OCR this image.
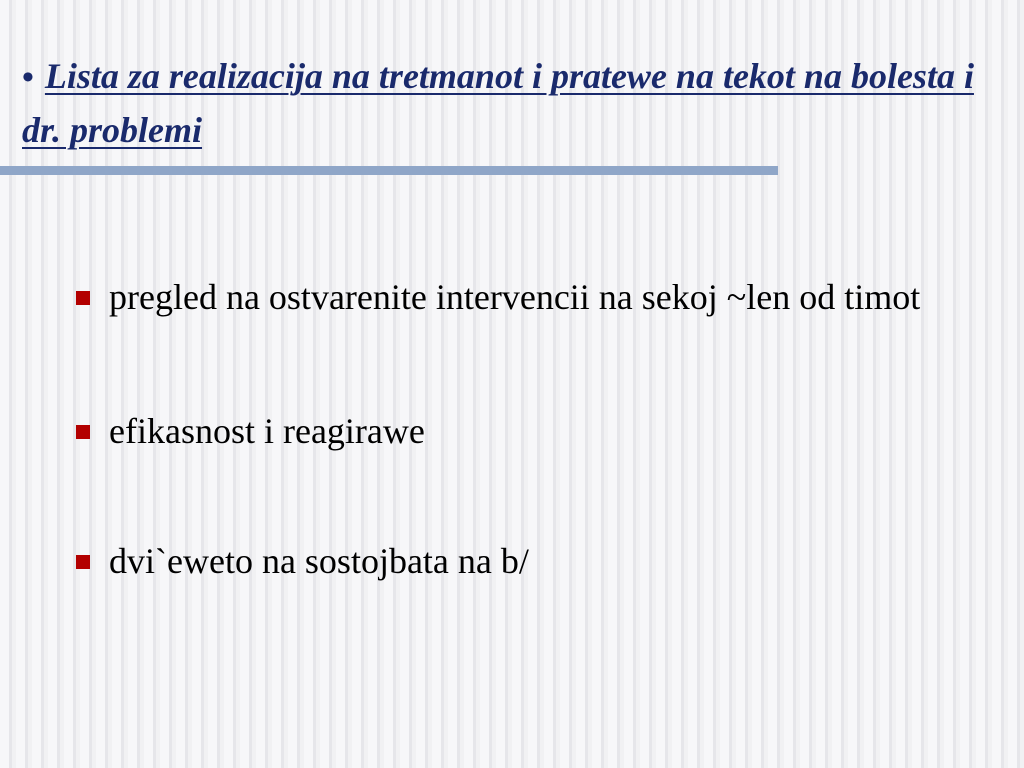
• Lista za realizacija na tretmanot i pratewe na tekot na bolesta i dr. problemi
pregled na ostvarenite intervencii na sekoj ~len od timot
efikasnost i reagirawe
dvi`eweto na sostojbata na b/
